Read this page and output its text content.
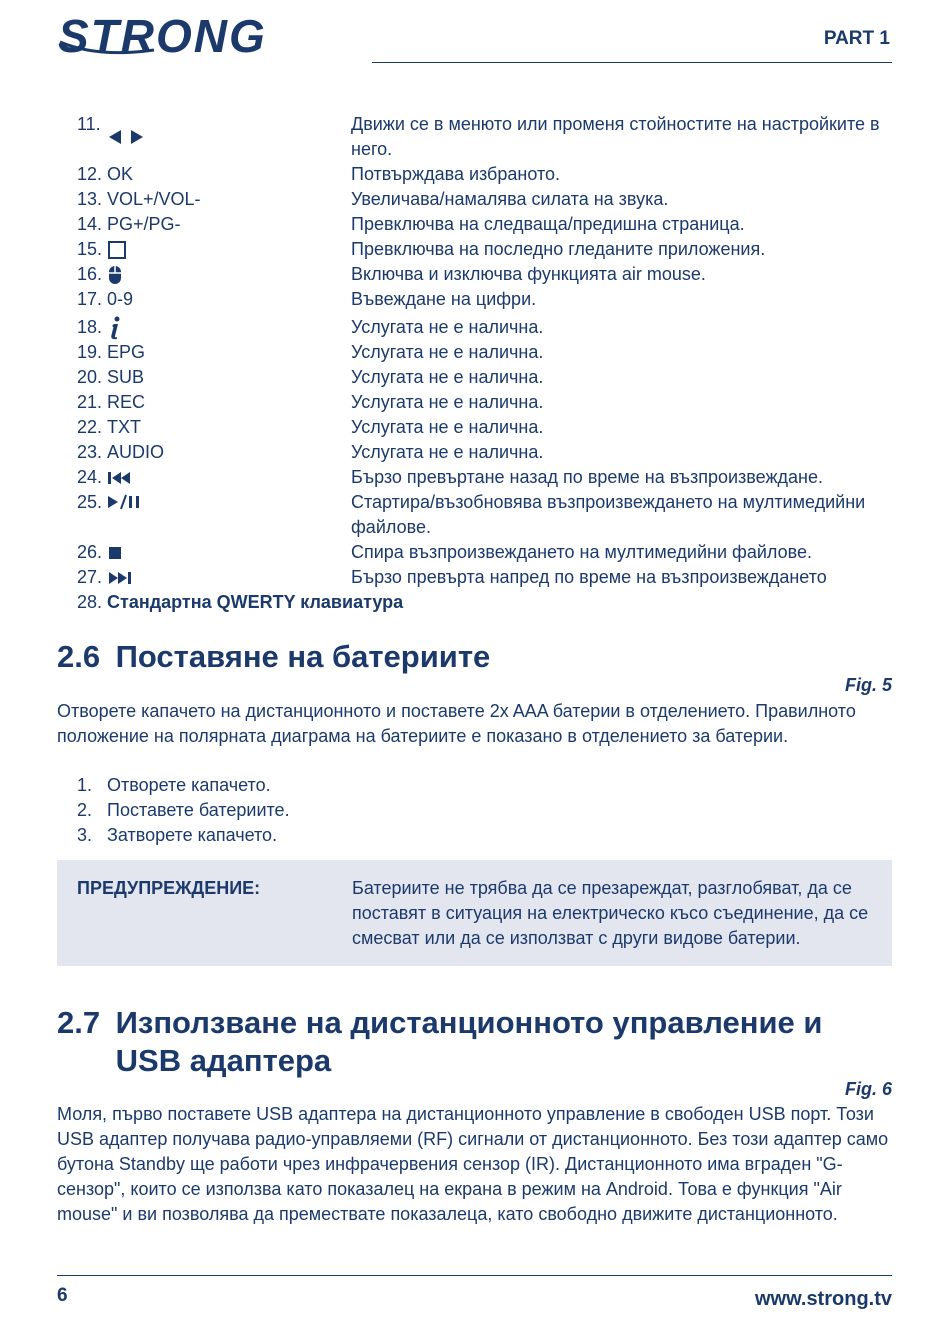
STRONG	PART 1
11.	Движи се в менюто или променя стойностите на настройките в него.
12. OK	Потвърждава избраното.
13. VOL+/VOL-	Увеличава/намалява силата на звука.
14. PG+/PG-	Превключва на следваща/предишна страница.
15.	Превключва на последно гледаните приложения.
16.	Включва и изключва функцията air mouse.
17. 0-9	Въвеждане на цифри.
18.	Услугата не е налична.
19. EPG	Услугата не е налична.
20. SUB	Услугата не е налична.
21. REC	Услугата не е налична.
22. TXT	Услугата не е налична.
23. AUDIO	Услугата не е налична.
24.	Бързо превъртане назад по време на възпроизвеждане.
25.	Стартира/възобновява възпроизвеждането на мултимедийни файлове.
26.	Спира възпроизвеждането на мултимедийни файлове.
27.	Бързо превърта напред по време на възпроизвеждането
28. Стандартна QWERTY клавиатура
2.6 Поставяне на батериите
Fig. 5
Отворете капачето на дистанционното и поставете 2x AAA батерии в отделението. Правилното положение на полярната диаграма на батериите е показано в отделението за батерии.
1. Отворете капачето.
2. Поставете батериите.
3. Затворете капачето.
ПРЕДУПРЕЖДЕНИЕ:	Батериите не трябва да се презареждат, разглобяват, да се поставят в ситуация на електрическо късо съединение, да се смесват или да се използват с други видове батерии.
2.7 Използване на дистанционното управление и
USB адаптера
Fig. 6
Моля, първо поставете USB адаптера на дистанционното управление в свободен USB порт. Този USB адаптер получава радио-управляеми (RF) сигнали от дистанционното. Без този адаптер само бутона Standby ще работи чрез инфрачервения сензор (IR). Дистанционното има вграден "G-сензор", които се използва като показалец на екрана в режим на Android. Това е функция "Air mouse" и ви позволява да премествате показалеца, като свободно движите дистанционното.
6	www.strong.tv
